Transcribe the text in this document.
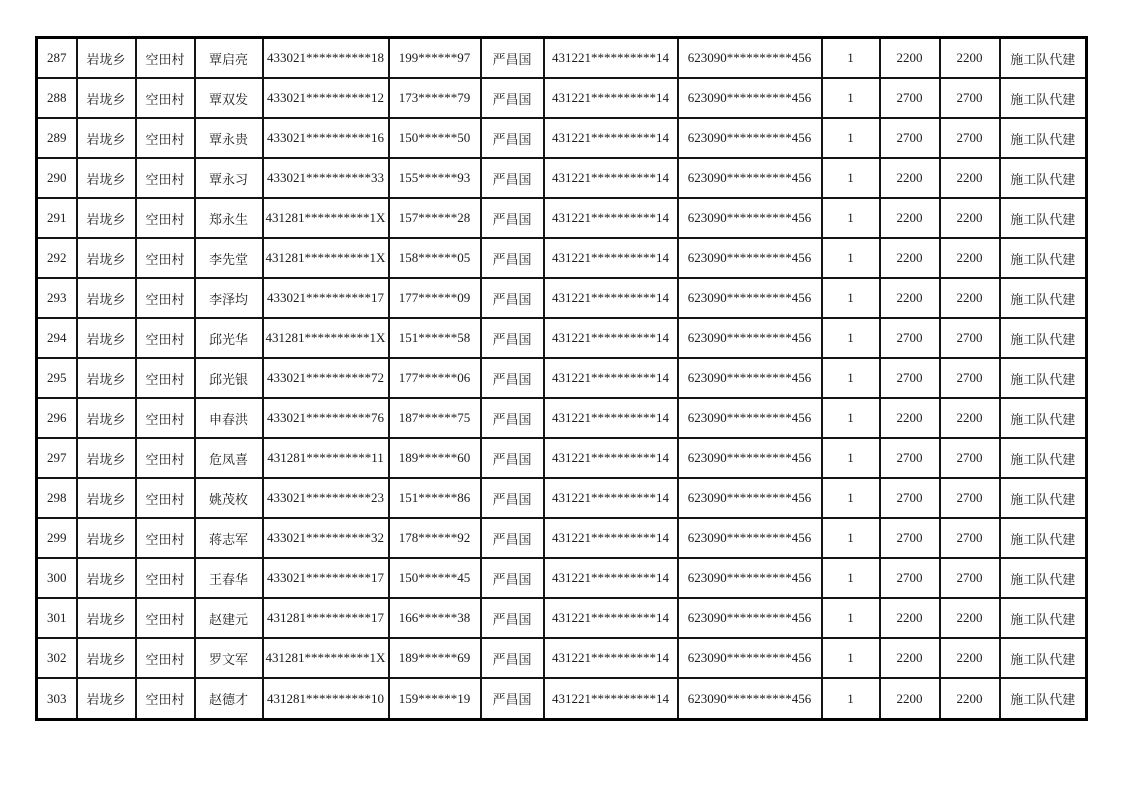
287	岩垅乡	空田村	覃启亮	433021**********18	199******97	严昌国	431221**********14	623090**********456	1	2200	2200	施工队代建
288	岩垅乡	空田村	覃双发	433021**********12	173******79	严昌国	431221**********14	623090**********456	1	2700	2700	施工队代建
289	岩垅乡	空田村	覃永贵	433021**********16	150******50	严昌国	431221**********14	623090**********456	1	2700	2700	施工队代建
290	岩垅乡	空田村	覃永习	433021**********33	155******93	严昌国	431221**********14	623090**********456	1	2200	2200	施工队代建
291	岩垅乡	空田村	郑永生	431281**********1X	157******28	严昌国	431221**********14	623090**********456	1	2200	2200	施工队代建
292	岩垅乡	空田村	李先堂	431281**********1X	158******05	严昌国	431221**********14	623090**********456	1	2200	2200	施工队代建
293	岩垅乡	空田村	李泽均	433021**********17	177******09	严昌国	431221**********14	623090**********456	1	2200	2200	施工队代建
294	岩垅乡	空田村	邱光华	431281**********1X	151******58	严昌国	431221**********14	623090**********456	1	2700	2700	施工队代建
295	岩垅乡	空田村	邱光银	433021**********72	177******06	严昌国	431221**********14	623090**********456	1	2700	2700	施工队代建
296	岩垅乡	空田村	申春洪	433021**********76	187******75	严昌国	431221**********14	623090**********456	1	2200	2200	施工队代建
297	岩垅乡	空田村	危凤喜	431281**********11	189******60	严昌国	431221**********14	623090**********456	1	2700	2700	施工队代建
298	岩垅乡	空田村	姚茂枚	433021**********23	151******86	严昌国	431221**********14	623090**********456	1	2700	2700	施工队代建
299	岩垅乡	空田村	蒋志军	433021**********32	178******92	严昌国	431221**********14	623090**********456	1	2700	2700	施工队代建
300	岩垅乡	空田村	王春华	433021**********17	150******45	严昌国	431221**********14	623090**********456	1	2700	2700	施工队代建
301	岩垅乡	空田村	赵建元	431281**********17	166******38	严昌国	431221**********14	623090**********456	1	2200	2200	施工队代建
302	岩垅乡	空田村	罗文军	431281**********1X	189******69	严昌国	431221**********14	623090**********456	1	2200	2200	施工队代建
303	岩垅乡	空田村	赵德才	431281**********10	159******19	严昌国	431221**********14	623090**********456	1	2200	2200	施工队代建
